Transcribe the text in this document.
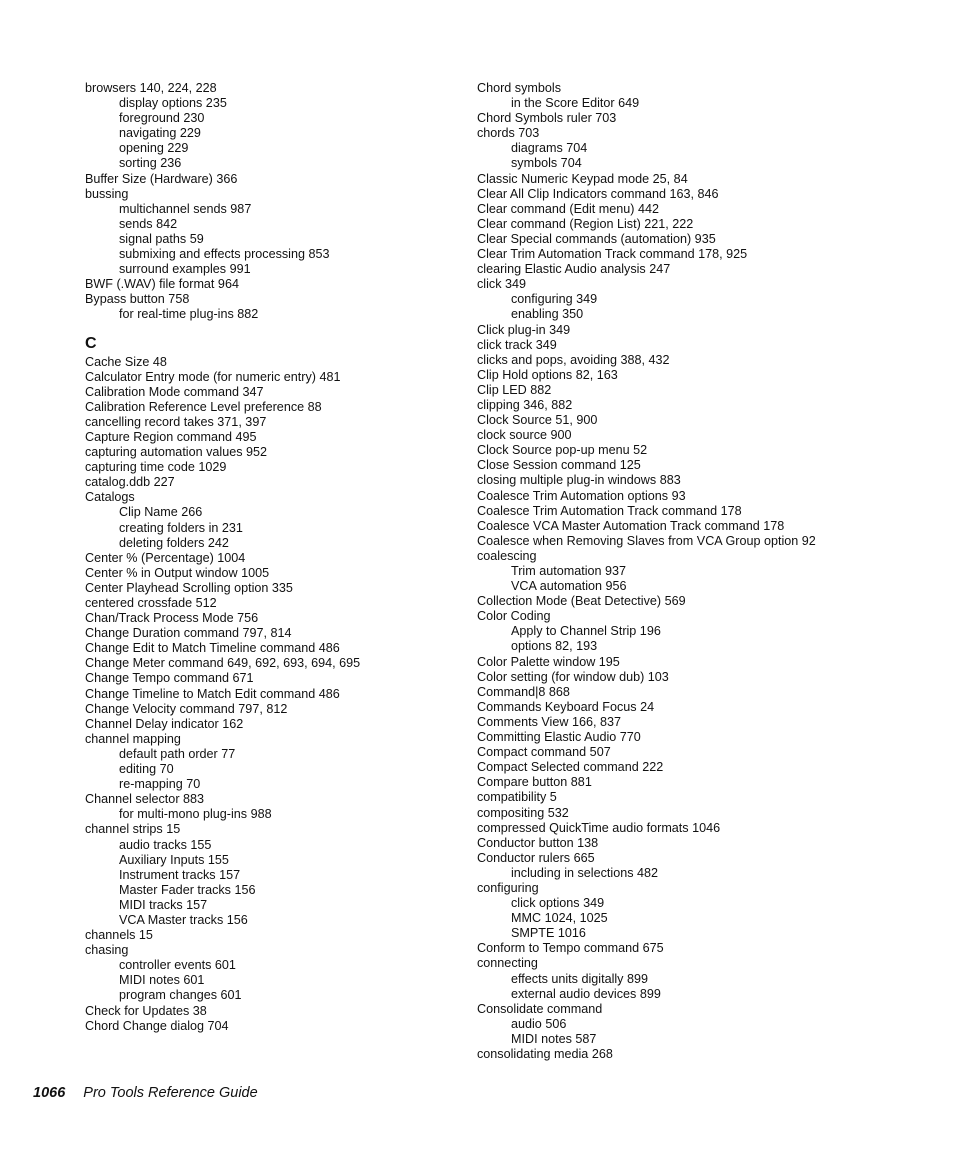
browsers 140, 224, 228
display options 235
foreground 230
navigating 229
opening 229
sorting 236
Buffer Size (Hardware) 366
bussing
multichannel sends 987
sends 842
signal paths 59
submixing and effects processing 853
surround examples 991
BWF (.WAV) file format 964
Bypass button 758
for real-time plug-ins 882
C
Cache Size 48
Calculator Entry mode (for numeric entry) 481
Calibration Mode command 347
Calibration Reference Level preference 88
cancelling record takes 371, 397
Capture Region command 495
capturing automation values 952
capturing time code 1029
catalog.ddb 227
Catalogs
Clip Name 266
creating folders in 231
deleting folders 242
Center % (Percentage) 1004
Center % in Output window 1005
Center Playhead Scrolling option 335
centered crossfade 512
Chan/Track Process Mode 756
Change Duration command 797, 814
Change Edit to Match Timeline command 486
Change Meter command 649, 692, 693, 694, 695
Change Tempo command 671
Change Timeline to Match Edit command 486
Change Velocity command 797, 812
Channel Delay indicator 162
channel mapping
default path order 77
editing 70
re-mapping 70
Channel selector 883
for multi-mono plug-ins 988
channel strips 15
audio tracks 155
Auxiliary Inputs 155
Instrument tracks 157
Master Fader tracks 156
MIDI tracks 157
VCA Master tracks 156
channels 15
chasing
controller events 601
MIDI notes 601
program changes 601
Check for Updates 38
Chord Change dialog 704
Chord symbols
in the Score Editor 649
Chord Symbols ruler 703
chords 703
diagrams 704
symbols 704
Classic Numeric Keypad mode 25, 84
Clear All Clip Indicators command 163, 846
Clear command (Edit menu) 442
Clear command (Region List) 221, 222
Clear Special commands (automation) 935
Clear Trim Automation Track command 178, 925
clearing Elastic Audio analysis 247
click 349
configuring 349
enabling 350
Click plug-in 349
click track 349
clicks and pops, avoiding 388, 432
Clip Hold options 82, 163
Clip LED 882
clipping 346, 882
Clock Source 51, 900
clock source 900
Clock Source pop-up menu 52
Close Session command 125
closing multiple plug-in windows 883
Coalesce Trim Automation options 93
Coalesce Trim Automation Track command 178
Coalesce VCA Master Automation Track command 178
Coalesce when Removing Slaves from VCA Group option 92
coalescing
Trim automation 937
VCA automation 956
Collection Mode (Beat Detective) 569
Color Coding
Apply to Channel Strip 196
options 82, 193
Color Palette window 195
Color setting (for window dub) 103
Command|8 868
Commands Keyboard Focus 24
Comments View 166, 837
Committing Elastic Audio 770
Compact command 507
Compact Selected command 222
Compare button 881
compatibility 5
compositing 532
compressed QuickTime audio formats 1046
Conductor button 138
Conductor rulers 665
including in selections 482
configuring
click options 349
MMC 1024, 1025
SMPTE 1016
Conform to Tempo command 675
connecting
effects units digitally 899
external audio devices 899
Consolidate command
audio 506
MIDI notes 587
consolidating media 268
1066 Pro Tools Reference Guide
